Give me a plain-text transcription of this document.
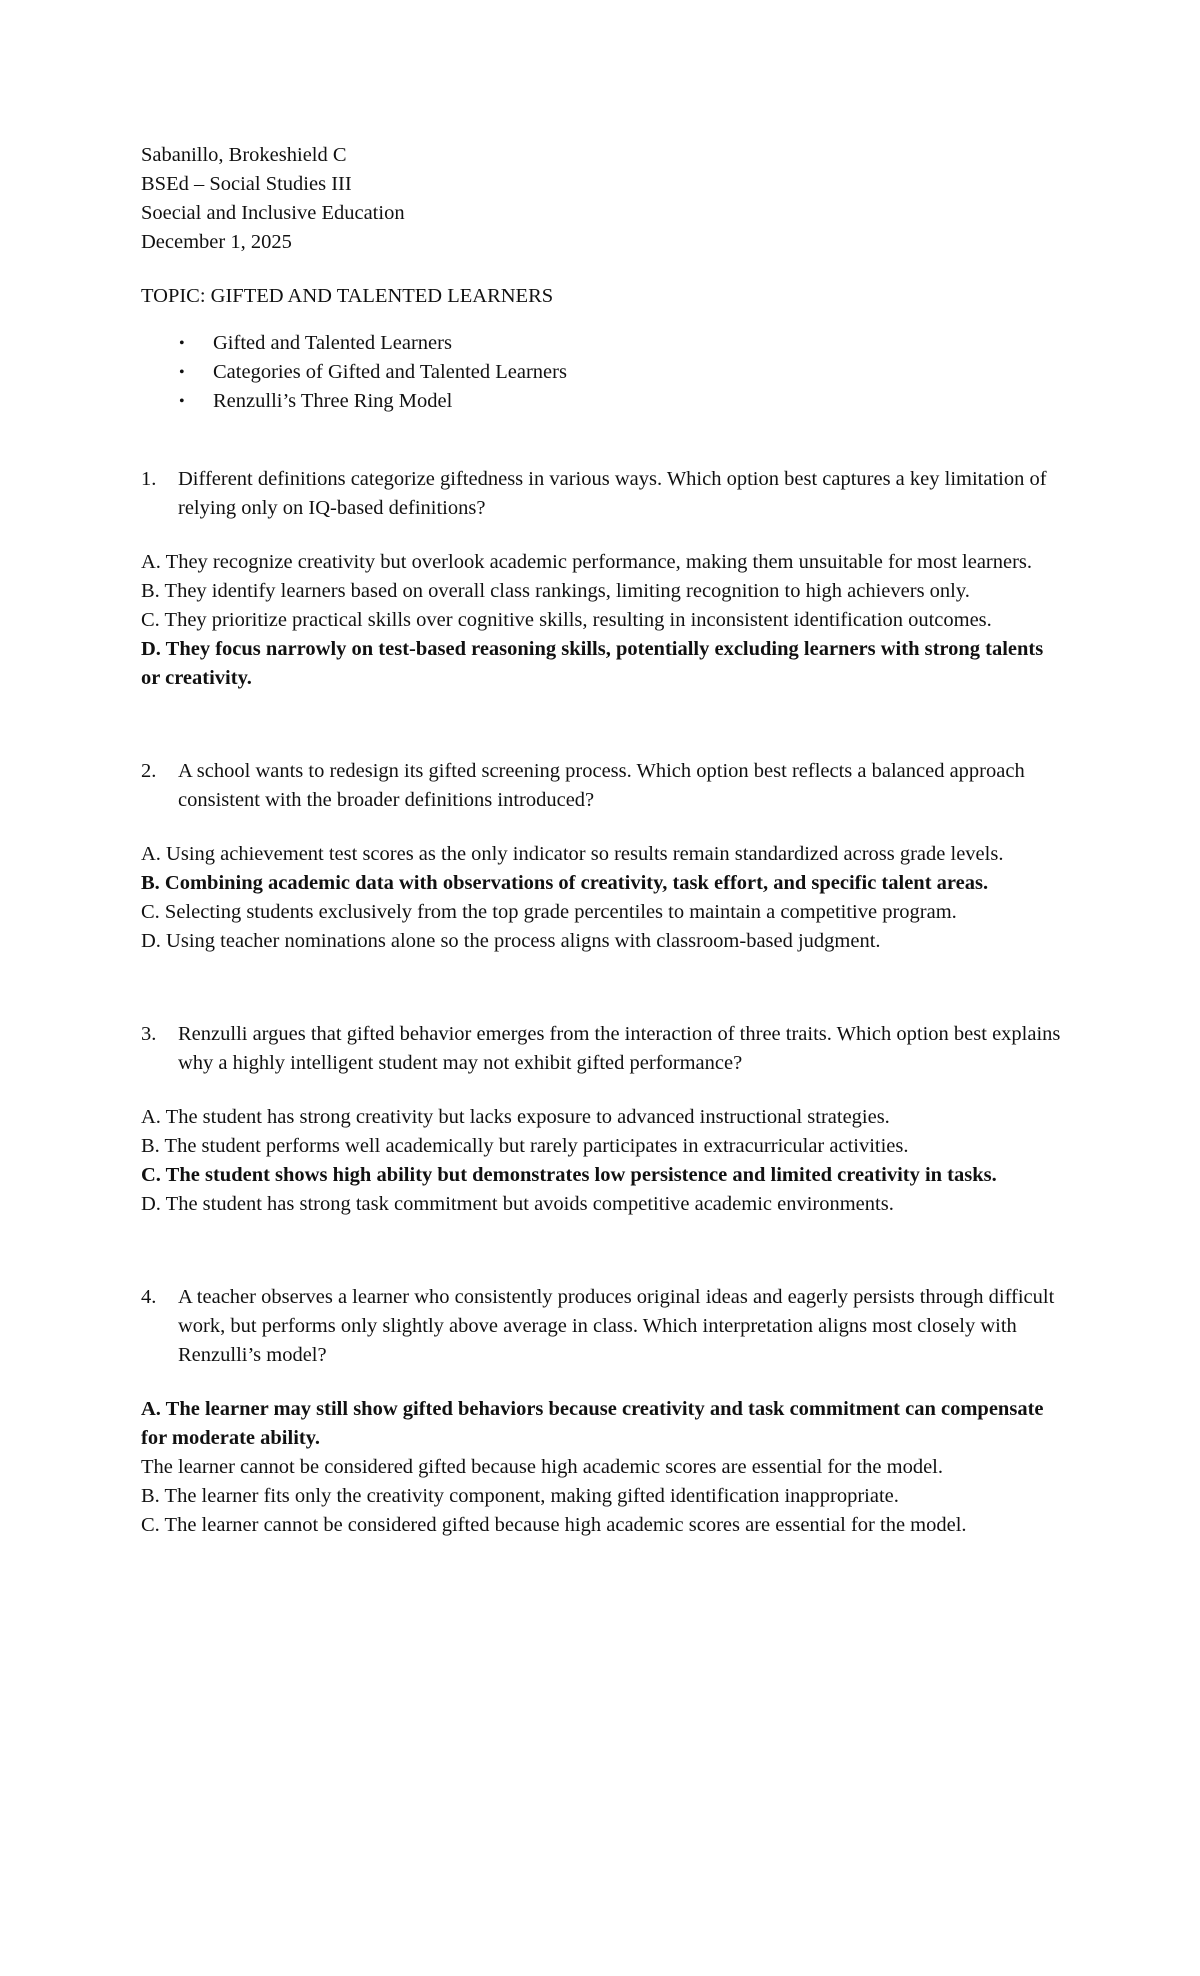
Sabanillo, Brokeshield C
BSEd – Social Studies III
Soecial and Inclusive Education
December 1, 2025
TOPIC: GIFTED AND TALENTED LEARNERS
• Gifted and Talented Learners
• Categories of Gifted and Talented Learners
• Renzulli’s Three Ring Model
1. Different definitions categorize giftedness in various ways. Which option best captures a key limitation of relying only on IQ-based definitions?
A. They recognize creativity but overlook academic performance, making them unsuitable for most learners.
B. They identify learners based on overall class rankings, limiting recognition to high achievers only.
C. They prioritize practical skills over cognitive skills, resulting in inconsistent identification outcomes.
D. They focus narrowly on test-based reasoning skills, potentially excluding learners with strong talents or creativity.
2. A school wants to redesign its gifted screening process. Which option best reflects a balanced approach consistent with the broader definitions introduced?
A. Using achievement test scores as the only indicator so results remain standardized across grade levels.
B. Combining academic data with observations of creativity, task effort, and specific talent areas.
C. Selecting students exclusively from the top grade percentiles to maintain a competitive program.
D. Using teacher nominations alone so the process aligns with classroom-based judgment.
3. Renzulli argues that gifted behavior emerges from the interaction of three traits. Which option best explains why a highly intelligent student may not exhibit gifted performance?
A. The student has strong creativity but lacks exposure to advanced instructional strategies.
B. The student performs well academically but rarely participates in extracurricular activities.
C. The student shows high ability but demonstrates low persistence and limited creativity in tasks.
D. The student has strong task commitment but avoids competitive academic environments.
4. A teacher observes a learner who consistently produces original ideas and eagerly persists through difficult work, but performs only slightly above average in class. Which interpretation aligns most closely with Renzulli’s model?
A. The learner may still show gifted behaviors because creativity and task commitment can compensate for moderate ability.
The learner cannot be considered gifted because high academic scores are essential for the model.
B. The learner fits only the creativity component, making gifted identification inappropriate.
C. The learner cannot be considered gifted because high academic scores are essential for the model.
